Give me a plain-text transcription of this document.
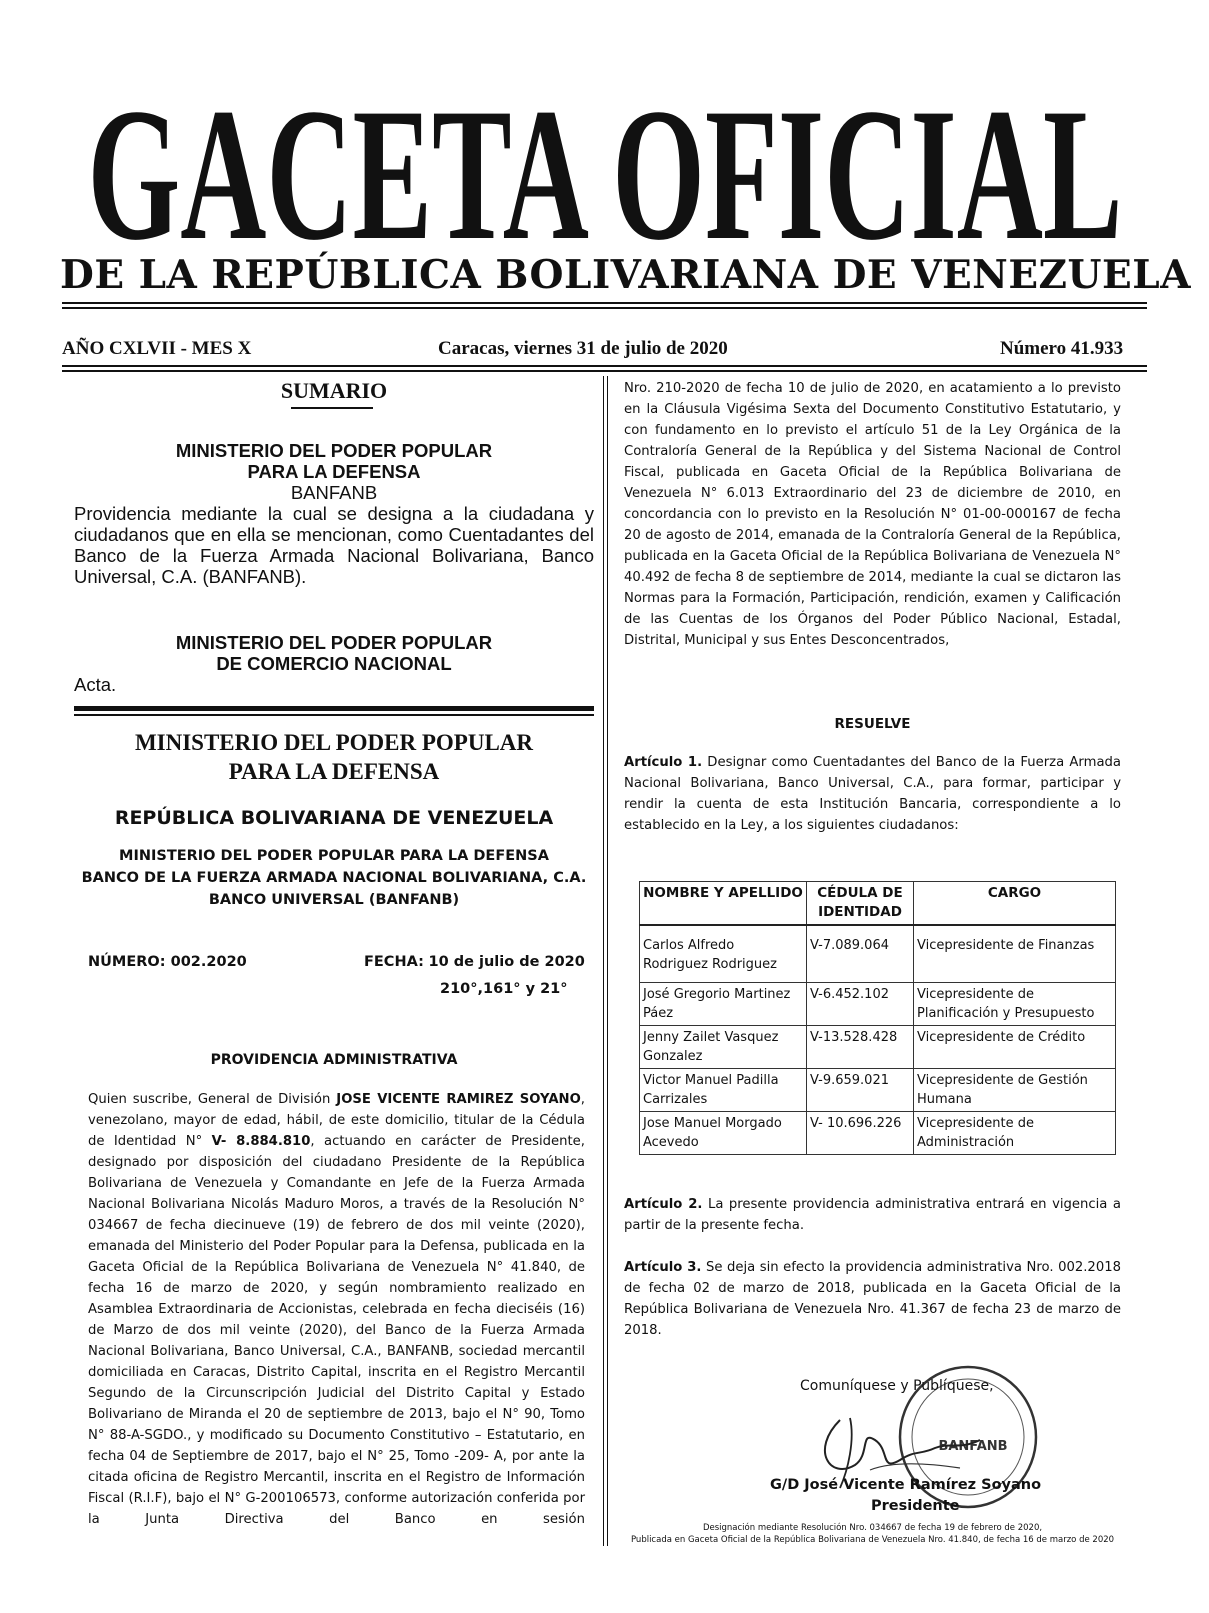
GACETA OFICIAL
DE LA REPÚBLICA BOLIVARIANA DE VENEZUELA
AÑO CXLVII - MES X	Caracas, viernes 31 de julio de 2020	Número 41.933
SUMARIO
MINISTERIO DEL PODER POPULAR
PARA LA DEFENSA
BANFANB
Providencia mediante la cual se designa a la ciudadana y ciudadanos que en ella se mencionan, como Cuentadantes del Banco de la Fuerza Armada Nacional Bolivariana, Banco Universal, C.A. (BANFANB).
MINISTERIO DEL PODER POPULAR
DE COMERCIO NACIONAL
Acta.
MINISTERIO DEL PODER POPULAR
PARA LA DEFENSA
REPÚBLICA BOLIVARIANA DE VENEZUELA
MINISTERIO DEL PODER POPULAR PARA LA DEFENSA
BANCO DE LA FUERZA ARMADA NACIONAL BOLIVARIANA, C.A.
BANCO UNIVERSAL (BANFANB)
NÚMERO: 002.2020	FECHA: 10 de julio de 2020
210°,161° y 21°
PROVIDENCIA ADMINISTRATIVA
Quien suscribe, General de División JOSE VICENTE RAMIREZ SOYANO, venezolano, mayor de edad, hábil, de este domicilio, titular de la Cédula de Identidad N° V- 8.884.810, actuando en carácter de Presidente, designado por disposición del ciudadano Presidente de la República Bolivariana de Venezuela y Comandante en Jefe de la Fuerza Armada Nacional Bolivariana Nicolás Maduro Moros, a través de la Resolución N° 034667 de fecha diecinueve (19) de febrero de dos mil veinte (2020), emanada del Ministerio del Poder Popular para la Defensa, publicada en la Gaceta Oficial de la República Bolivariana de Venezuela N° 41.840, de fecha 16 de marzo de 2020, y según nombramiento realizado en Asamblea Extraordinaria de Accionistas, celebrada en fecha dieciséis (16) de Marzo de dos mil veinte (2020), del Banco de la Fuerza Armada Nacional Bolivariana, Banco Universal, C.A., BANFANB, sociedad mercantil domiciliada en Caracas, Distrito Capital, inscrita en el Registro Mercantil Segundo de la Circunscripción Judicial del Distrito Capital y Estado Bolivariano de Miranda el 20 de septiembre de 2013, bajo el N° 90, Tomo N° 88-A-SGDO., y modificado su Documento Constitutivo – Estatutario, en fecha 04 de Septiembre de 2017, bajo el N° 25, Tomo -209- A, por ante la citada oficina de Registro Mercantil, inscrita en el Registro de Información Fiscal (R.I.F), bajo el N° G-200106573, conforme autorización conferida por la Junta Directiva del Banco en sesión
Nro. 210-2020 de fecha 10 de julio de 2020, en acatamiento a lo previsto en la Cláusula Vigésima Sexta del Documento Constitutivo Estatutario, y con fundamento en lo previsto el artículo 51 de la Ley Orgánica de la Contraloría General de la República y del Sistema Nacional de Control Fiscal, publicada en Gaceta Oficial de la República Bolivariana de Venezuela N° 6.013 Extraordinario del 23 de diciembre de 2010, en concordancia con lo previsto en la Resolución N° 01-00-000167 de fecha 20 de agosto de 2014, emanada de la Contraloría General de la República, publicada en la Gaceta Oficial de la República Bolivariana de Venezuela N° 40.492 de fecha 8 de septiembre de 2014, mediante la cual se dictaron las Normas para la Formación, Participación, rendición, examen y Calificación de las Cuentas de los Órganos del Poder Público Nacional, Estadal, Distrital, Municipal y sus Entes Desconcentrados,
RESUELVE
Artículo 1. Designar como Cuentadantes del Banco de la Fuerza Armada Nacional Bolivariana, Banco Universal, C.A., para formar, participar y rendir la cuenta de esta Institución Bancaria, correspondiente a lo establecido en la Ley, a los siguientes ciudadanos:
NOMBRE Y APELLIDO	CÉDULA DE IDENTIDAD	CARGO
Carlos Alfredo Rodriguez Rodriguez	V-7.089.064	Vicepresidente de Finanzas
José Gregorio Martinez Páez	V-6.452.102	Vicepresidente de Planificación y Presupuesto
Jenny Zailet Vasquez Gonzalez	V-13.528.428	Vicepresidente de Crédito
Victor Manuel Padilla Carrizales	V-9.659.021	Vicepresidente de Gestión Humana
Jose Manuel Morgado Acevedo	V- 10.696.226	Vicepresidente de Administración
Artículo 2. La presente providencia administrativa entrará en vigencia a partir de la presente fecha.
Artículo 3. Se deja sin efecto la providencia administrativa Nro. 002.2018 de fecha 02 de marzo de 2018, publicada en la Gaceta Oficial de la República Bolivariana de Venezuela Nro. 41.367 de fecha 23 de marzo de 2018.
BANFANB
Comuníquese y Publíquese,
G/D José Vicente Ramírez Soyano
Presidente
Designación mediante Resolución Nro. 034667 de fecha 19 de febrero de 2020,
Publicada en Gaceta Oficial de la República Bolivariana de Venezuela Nro. 41.840, de fecha 16 de marzo de 2020
